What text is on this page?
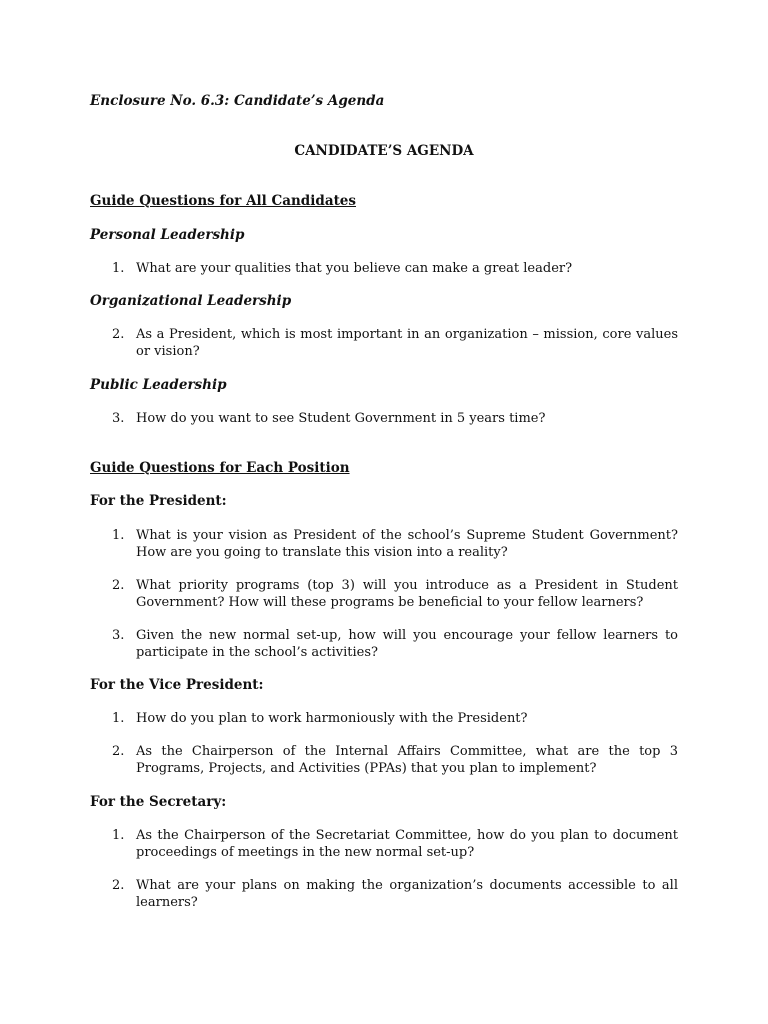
Enclosure No. 6.3: Candidate’s Agenda
CANDIDATE’S AGENDA
Guide Questions for All Candidates
Personal Leadership
1. What are your qualities that you believe can make a great leader?
Organizational Leadership
2. As a President, which is most important in an organization – mission, core values or vision?
Public Leadership
3. How do you want to see Student Government in 5 years time?
Guide Questions for Each Position
For the President:
1. What is your vision as President of the school’s Supreme Student Government? How are you going to translate this vision into a reality?
2. What priority programs (top 3) will you introduce as a President in Student Government? How will these programs be beneficial to your fellow learners?
3. Given the new normal set-up, how will you encourage your fellow learners to participate in the school’s activities?
For the Vice President:
1. How do you plan to work harmoniously with the President?
2. As the Chairperson of the Internal Affairs Committee, what are the top 3 Programs, Projects, and Activities (PPAs) that you plan to implement?
For the Secretary:
1. As the Chairperson of the Secretariat Committee, how do you plan to document proceedings of meetings in the new normal set-up?
2. What are your plans on making the organization’s documents accessible to all learners?
